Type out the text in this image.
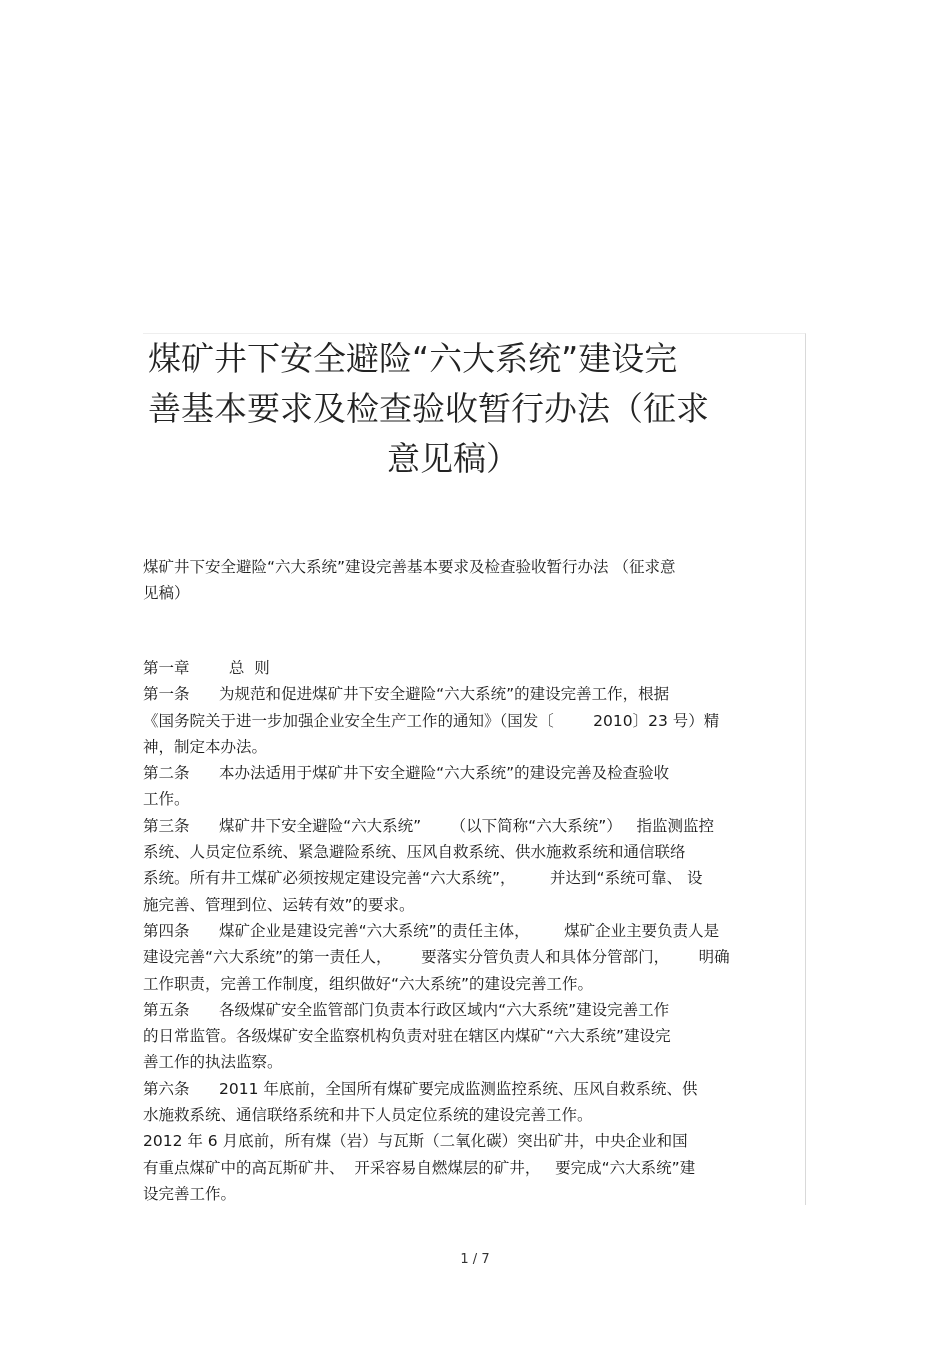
煤矿井下安全避险“六大系统”建设完
善基本要求及检查验收暂行办法（征求
意见稿）
煤矿井下安全避险“六大系统”建设完善基本要求及检查验收暂行办法 （征求意
见稿）
第一章        总  则
第一条      为规范和促进煤矿井下安全避险“六大系统”的建设完善工作，根据
《国务院关于进一步加强企业安全生产工作的通知》（国发〔        2010〕23 号）精
神，制定本办法。
第二条      本办法适用于煤矿井下安全避险“六大系统”的建设完善及检查验收
工作。
第三条      煤矿井下安全避险“六大系统”      （以下简称“六大系统”）   指监测监控
系统、人员定位系统、紧急避险系统、压风自救系统、供水施救系统和通信联络
系统。所有井工煤矿必须按规定建设完善“六大系统”，       并达到“系统可靠、 设
施完善、管理到位、运转有效”的要求。
第四条      煤矿企业是建设完善“六大系统”的责任主体，       煤矿企业主要负责人是
建设完善“六大系统”的第一责任人，      要落实分管负责人和具体分管部门，      明确
工作职责，完善工作制度，组织做好“六大系统”的建设完善工作。
第五条      各级煤矿安全监管部门负责本行政区域内“六大系统”建设完善工作
的日常监管。各级煤矿安全监察机构负责对驻在辖区内煤矿“六大系统”建设完
善工作的执法监察。
第六条      2011 年底前，全国所有煤矿要完成监测监控系统、压风自救系统、供
水施救系统、通信联络系统和井下人员定位系统的建设完善工作。
2012 年 6 月底前，所有煤（岩）与瓦斯（二氧化碳）突出矿井，中央企业和国
有重点煤矿中的高瓦斯矿井、  开采容易自燃煤层的矿井，   要完成“六大系统”建
设完善工作。
1 / 7
